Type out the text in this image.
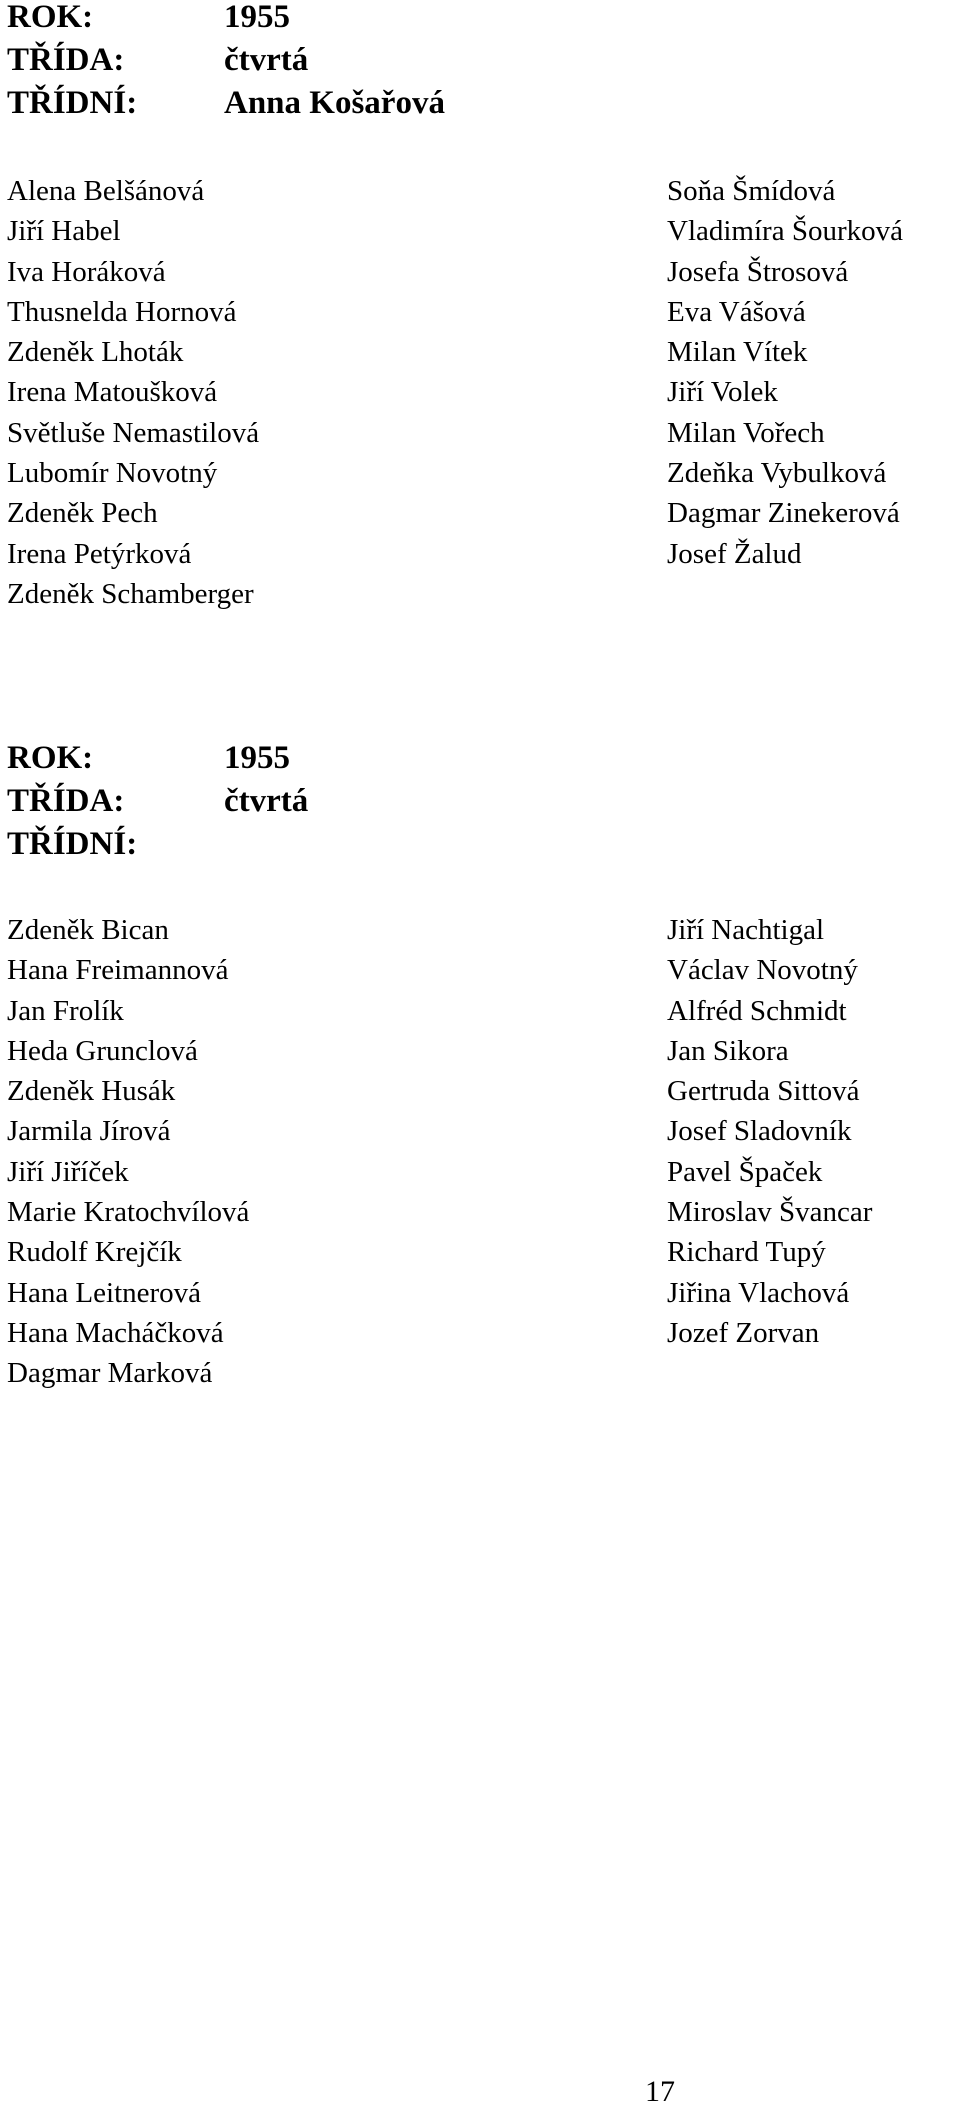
ROK:	1955
TŘÍDA:	čtvrtá
TŘÍDNÍ:	Anna Košařová
Alena Belšánová
Jiří Habel
Iva Horáková
Thusnelda Hornová
Zdeněk Lhoták
Irena Matoušková
Světluše Nemastilová
Lubomír Novotný
Zdeněk Pech
Irena Petýrková
Zdeněk Schamberger
Soňa Šmídová
Vladimíra Šourková
Josefa Štrosová
Eva Vášová
Milan Vítek
Jiří Volek
Milan Vořech
Zdeňka Vybulková
Dagmar Zinekerová
Josef Žalud
ROK:	1955
TŘÍDA:	čtvrtá
TŘÍDNÍ:
Zdeněk Bican
Hana Freimannová
Jan Frolík
Heda Grunclová
Zdeněk Husák
Jarmila Jírová
Jiří Jiříček
Marie Kratochvílová
Rudolf Krejčík
Hana Leitnerová
Hana Macháčková
Dagmar Marková
Jiří Nachtigal
Václav Novotný
Alfréd Schmidt
Jan Sikora
Gertruda Sittová
Josef Sladovník
Pavel Špaček
Miroslav Švancar
Richard Tupý
Jiřina Vlachová
Jozef Zorvan
17
